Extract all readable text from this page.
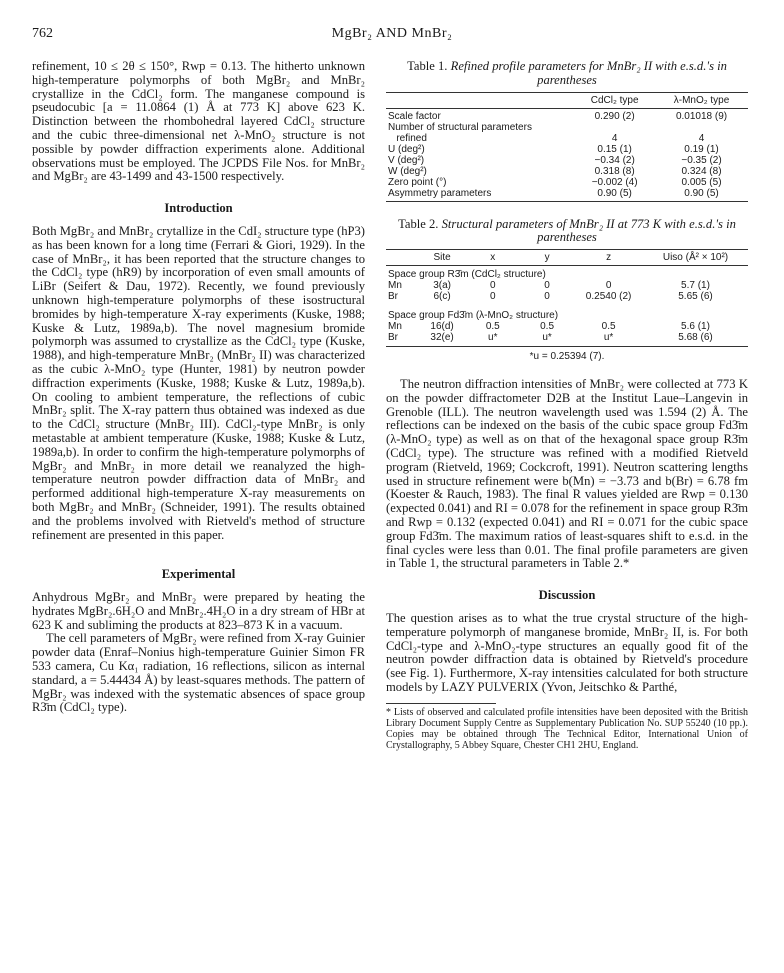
762	MgBr₂ AND MnBr₂

refinement, 10 ≤ 2θ ≤ 150°, Rwp = 0.13. The hitherto unknown high-temperature polymorphs of both MgBr₂ and MnBr₂ crystallize in the CdCl₂ form. The manganese compound is pseudocubic [a = 11.0864 (1) Å at 773 K] above 623 K. Distinction between the rhombohedral layered CdCl₂ structure and the cubic three-dimensional net λ-MnO₂ structure is not possible by powder diffraction experiments alone. Additional observations must be employed. The JCPDS File Nos. for MnBr₂ and MgBr₂ are 43-1499 and 43-1500 respectively.

Introduction

Both MgBr₂ and MnBr₂ crytallize in the CdI₂ structure type (hP3) as has been known for a long time (Ferrari & Giori, 1929). In the case of MnBr₂, it has been reported that the structure changes to the CdCl₂ type (hR9) by incorporation of even small amounts of LiBr (Seifert & Dau, 1972). Recently, we found previously unknown high-temperature polymorphs of these isostructural bromides by high-temperature X-ray experiments (Kuske, 1988; Kuske & Lutz, 1989a,b). The novel magnesium bromide polymorph was assumed to crystallize as the CdCl₂ type (Kuske, 1988), and high-temperature MnBr₂ (MnBr₂ II) was characterized as the cubic λ-MnO₂ type (Hunter, 1981) by neutron powder diffraction experiments (Kuske, 1988; Kuske & Lutz, 1989a,b). On cooling to ambient temperature, the reflections of cubic MnBr₂ split. The X-ray pattern thus obtained was indexed as due to the CdCl₂ structure (MnBr₂ III). CdCl₂-type MnBr₂ is only metastable at ambient temperature (Kuske, 1988; Kuske & Lutz, 1989a,b). In order to confirm the high-temperature polymorphs of MgBr₂ and MnBr₂ in more detail we reanalyzed the high-temperature neutron powder diffraction data of MnBr₂ and performed additional high-temperature X-ray measurements on both MgBr₂ and MnBr₂ (Schneider, 1991). The results obtained and the problems involved with Rietveld's method of structure refinement are presented in this paper.

Experimental

Anhydrous MgBr₂ and MnBr₂ were prepared by heating the hydrates MgBr₂.6H₂O and MnBr₂.4H₂O in a dry stream of HBr at 623 K and subliming the products at 823–873 K in a vacuum.

The cell parameters of MgBr₂ were refined from X-ray Guinier powder data (Enraf–Nonius high-temperature Guinier Simon FR 533 camera, Cu Kα₁ radiation, 16 reflections, silicon as internal standard, a = 5.44434 Å) by least-squares methods. The pattern of MgBr₂ was indexed with the systematic absences of space group R3̄m (CdCl₂ type).

Table 1. Refined profile parameters for MnBr₂ II with e.s.d.'s in parentheses
	CdCl₂ type	λ-MnO₂ type
Scale factor	0.290 (2)	0.01018 (9)
Number of structural parameters		
refined	4	4
U (deg²)	0.15 (1)	0.19 (1)
V (deg²)	−0.34 (2)	−0.35 (2)
W (deg²)	0.318 (8)	0.324 (8)
Zero point (°)	−0.002 (4)	0.005 (5)
Asymmetry parameters	0.90 (5)	0.90 (5)
Table 2. Structural parameters of MnBr₂ II at 773 K with e.s.d.'s in parentheses
	Site	x	y	z	Uiso (Å² × 10²)
Space group R3̄m (CdCl₂ structure)					
Mn	3(a)	0	0	0	5.7 (1)
Br	6(c)	0	0	0.2540 (2)	5.65 (6)
Space group Fd3̄m (λ-MnO₂ structure)					
Mn	16(d)	0.5	0.5	0.5	5.6 (1)
Br	32(e)	u*	u*	u*	5.68 (6)
*u = 0.25394 (7).

The neutron diffraction intensities of MnBr₂ were collected at 773 K on the powder diffractometer D2B at the Institut Laue–Langevin in Grenoble (ILL). The neutron wavelength used was 1.594 (2) Å. The reflections can be indexed on the basis of the cubic space group Fd3̄m (λ-MnO₂ type) as well as on that of the hexagonal space group R3̄m (CdCl₂ type). The structure was refined with a modified Rietveld program (Rietveld, 1969; Cockcroft, 1991). Neutron scattering lengths used in structure refinement were b(Mn) = −3.73 and b(Br) = 6.78 fm (Koester & Rauch, 1983). The final R values yielded are Rwp = 0.130 (expected 0.041) and RI = 0.078 for the refinement in space group R3̄m and Rwp = 0.132 (expected 0.041) and RI = 0.071 for the cubic space group Fd3̄m. The maximum ratios of least-squares shift to e.s.d. in the final cycles were less than 0.01. The final profile parameters are given in Table 1, the structural parameters in Table 2.*

Discussion

The question arises as to what the true crystal structure of the high-temperature polymorph of manganese bromide, MnBr₂ II, is. For both CdCl₂-type and λ-MnO₂-type structures an equally good fit of the neutron powder diffraction data is obtained by Rietveld's procedure (see Fig. 1). Furthermore, X-ray intensities calculated for both structure models by LAZY PULVERIX (Yvon, Jeitschko & Parthé,

* Lists of observed and calculated profile intensities have been deposited with the British Library Document Supply Centre as Supplementary Publication No. SUP 55240 (10 pp.). Copies may be obtained through The Technical Editor, International Union of Crystallography, 5 Abbey Square, Chester CH1 2HU, England.
